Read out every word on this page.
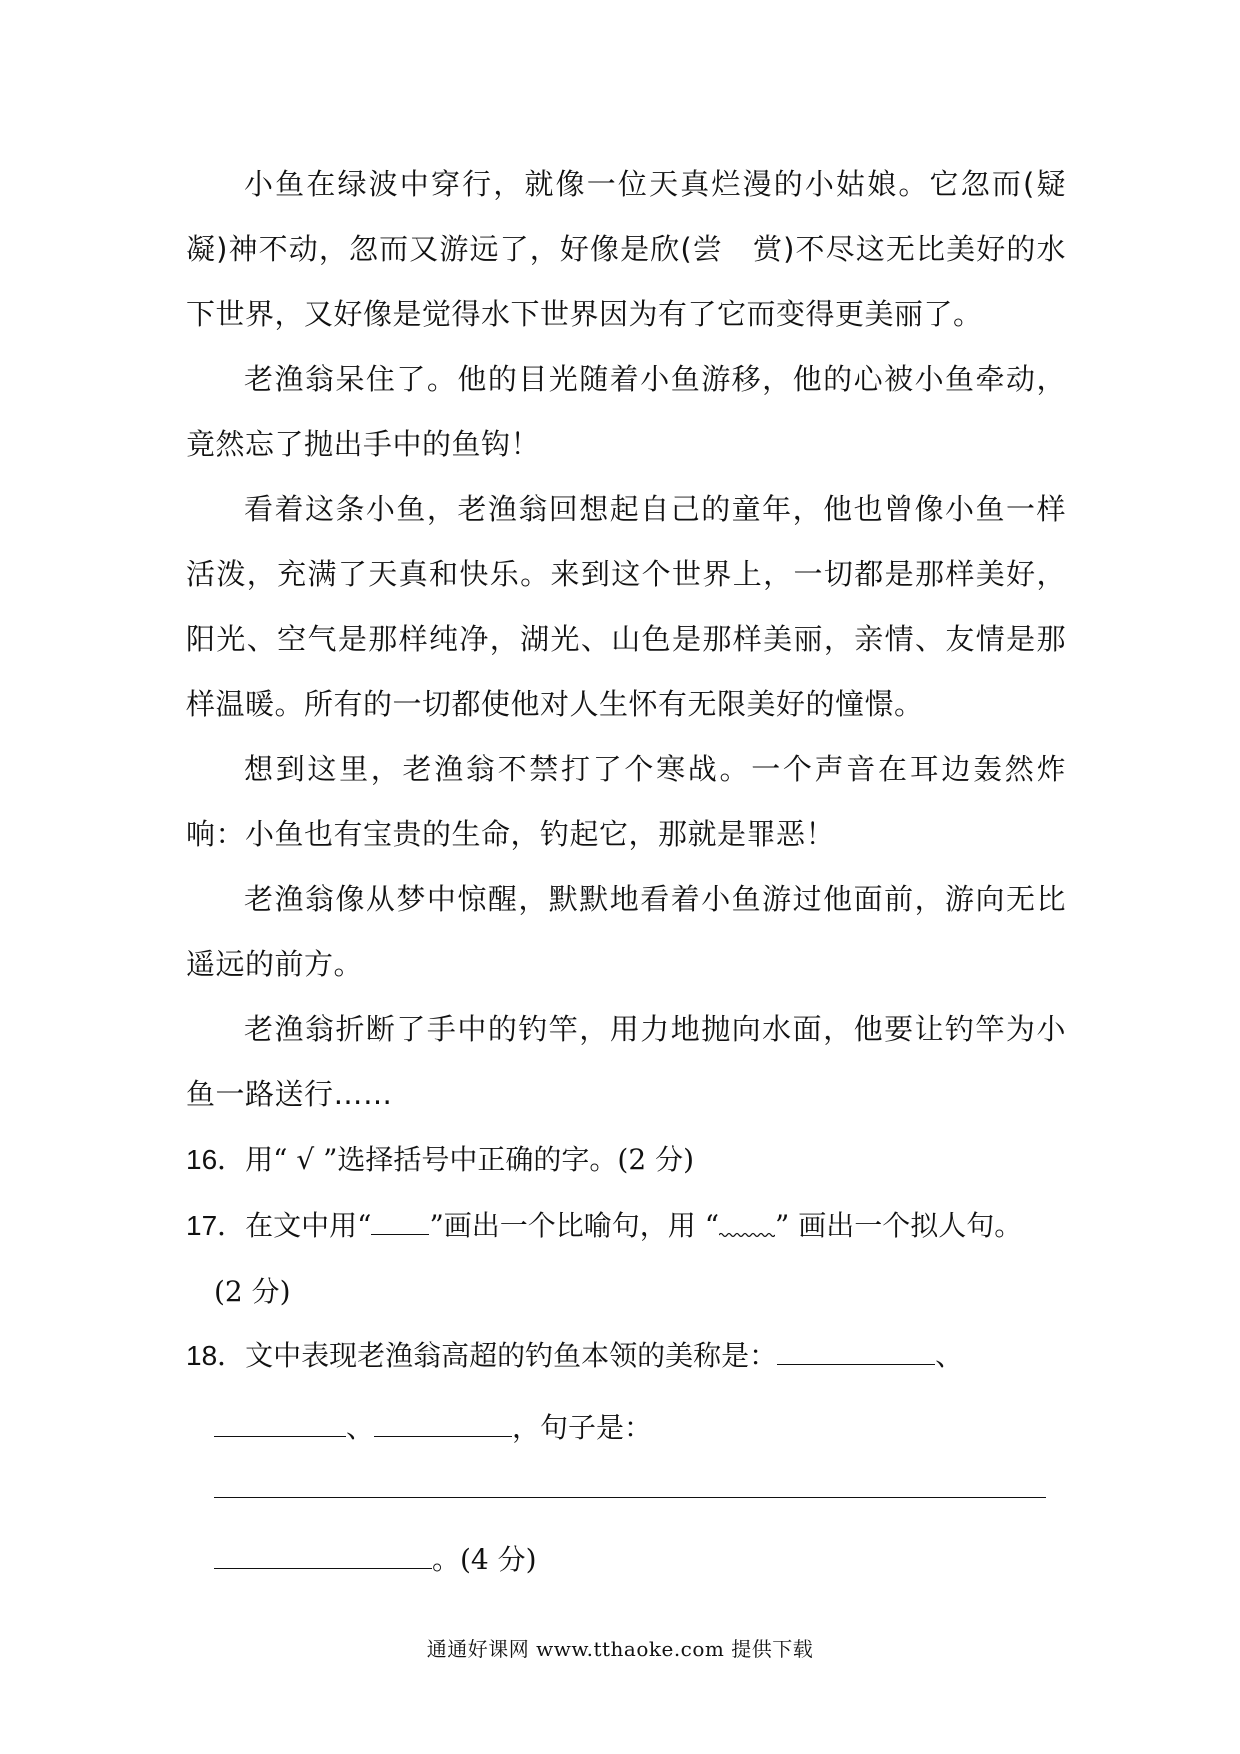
小鱼在绿波中穿行，就像一位天真烂漫的小姑娘。它忽而(疑　凝)神不动，忽而又游远了，好像是欣(尝　赏)不尽这无比美好的水下世界，又好像是觉得水下世界因为有了它而变得更美丽了。

老渔翁呆住了。他的目光随着小鱼游移，他的心被小鱼牵动，竟然忘了抛出手中的鱼钩！

看着这条小鱼，老渔翁回想起自己的童年，他也曾像小鱼一样活泼，充满了天真和快乐。来到这个世界上，一切都是那样美好，阳光、空气是那样纯净，湖光、山色是那样美丽，亲情、友情是那样温暖。所有的一切都使他对人生怀有无限美好的憧憬。

想到这里，老渔翁不禁打了个寒战。一个声音在耳边轰然炸响：小鱼也有宝贵的生命，钓起它，那就是罪恶！

老渔翁像从梦中惊醒，默默地看着小鱼游过他面前，游向无比遥远的前方。

老渔翁折断了手中的钓竿，用力地抛向水面，他要让钓竿为小鱼一路送行……

16．用“ √ ”选择括号中正确的字。(2 分)

17．在文中用“ ”画出一个比喻句，用 “ ” 画出一个拟人句。

(2 分)

18．文中表现老渔翁高超的钓鱼本领的美称是：	、

、	，句子是：

。(4 分)

通通好课网 www.tthaoke.com 提供下载
